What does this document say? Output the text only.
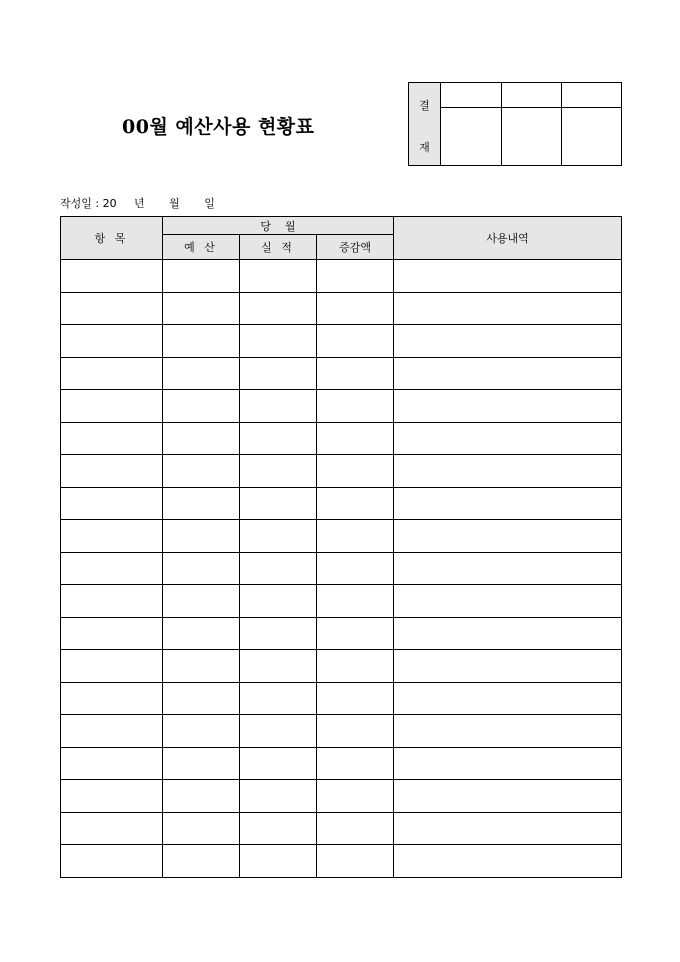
00월 예산사용 현황표
결
재
작성일 : 20     년       월       일
항 목	당    월			사용내역
	예 산	실 적	증감액	
